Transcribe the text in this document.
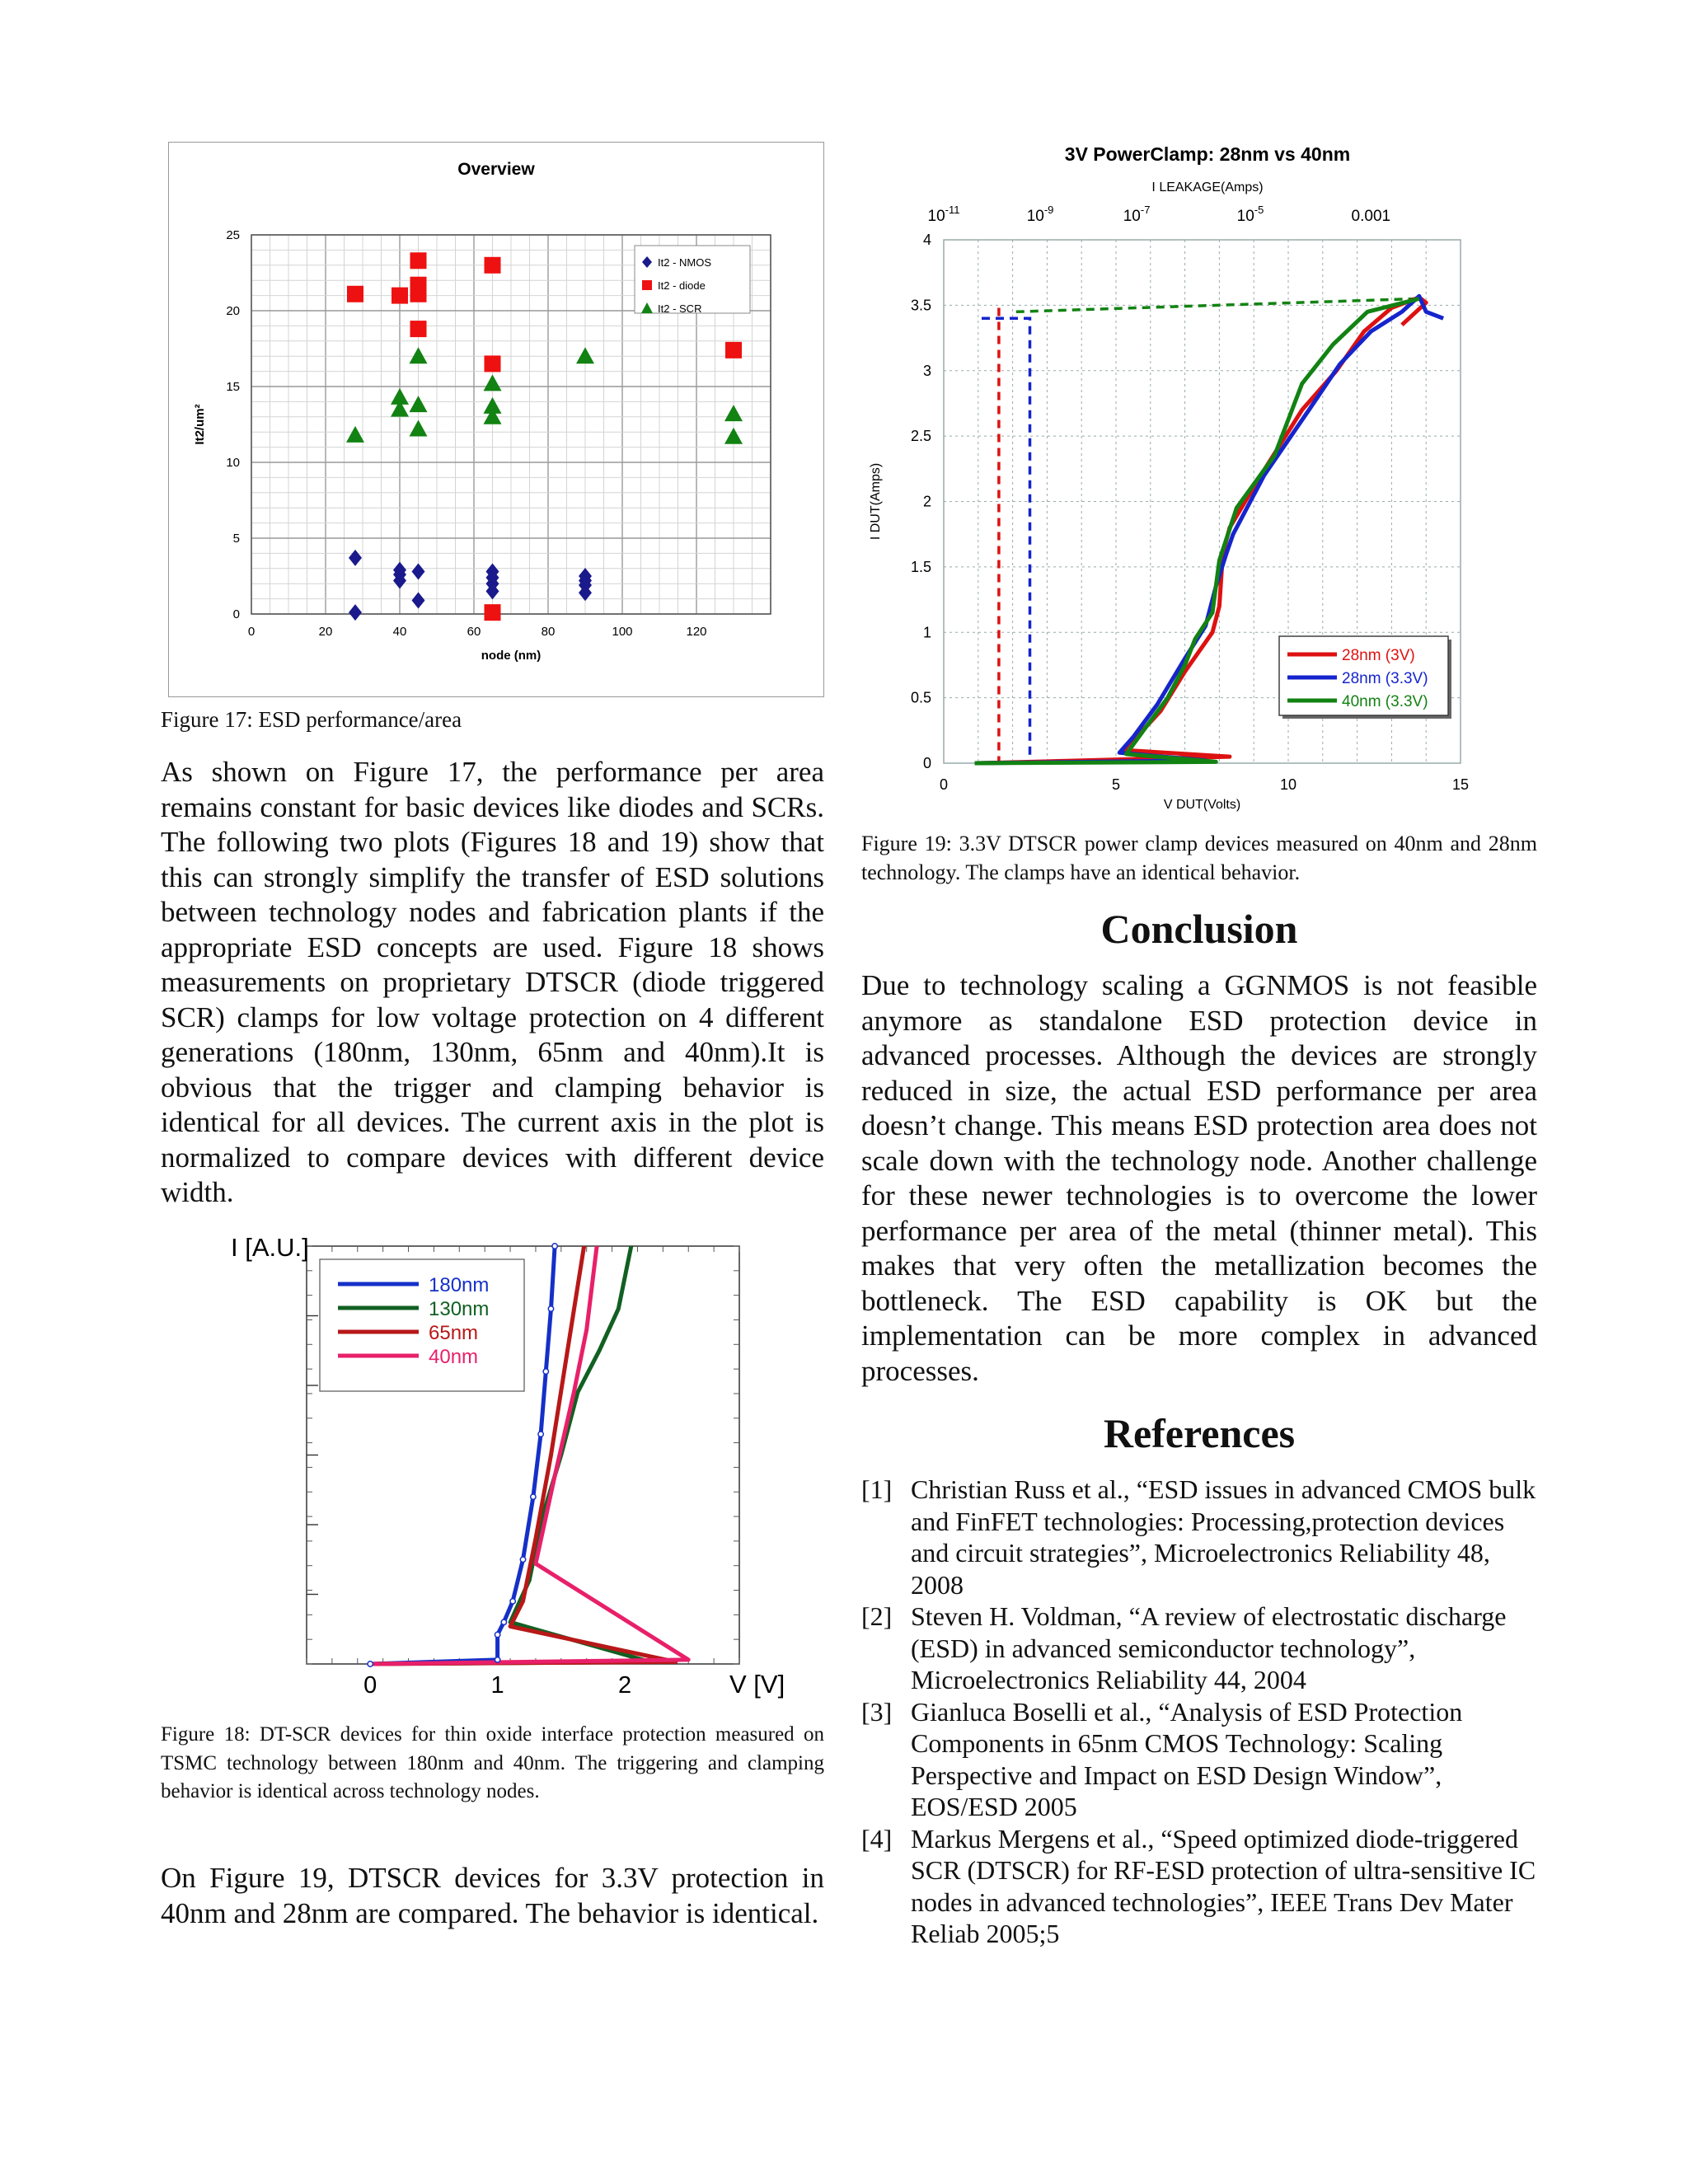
Overview
0	20	40	60	80	100	120
0
5
10
15
20
25
node (nm)
It2/um²
It2 - NMOS
It2 - diode
It2 - SCR
Figure 17: ESD performance/area
As shown on Figure 17, the performance per area remains constant for basic devices like diodes and SCRs. The following two plots (Figures 18 and 19) show that this can strongly simplify the transfer of ESD solutions between technology nodes and fabrication plants if the appropriate ESD concepts are used. Figure 18 shows measurements on proprietary DTSCR (diode triggered SCR) clamps for low voltage protection on 4 different generations (180nm, 130nm, 65nm and 40nm).It is obvious that the trigger and clamping behavior is identical for all devices. The current axis in the plot is normalized to compare devices with different device width.
0	1	2	V [V]
I [A.U.]
180nm
130nm
65nm
40nm
Figure 18: DT-SCR devices for thin oxide interface protection measured on TSMC technology between 180nm and 40nm. The triggering and clamping behavior is identical across technology nodes.
On Figure 19, DTSCR devices for 3.3V protection in 40nm and 28nm are compared. The behavior is identical.
3V PowerClamp: 28nm vs 40nm
I LEAKAGE(Amps)
$10^{-11}$	$10^{-9}$	$10^{-7}$	$10^{-5}$	0.001
0
0.5
1
1.5
2
2.5
3
3.5
4
0	5	10	15
V DUT(Volts)
I DUT(Amps)
28nm (3V)
28nm (3.3V)
40nm (3.3V)
Figure 19: 3.3V DTSCR power clamp devices measured on 40nm and 28nm technology. The clamps have an identical behavior.
Conclusion
Due to technology scaling a GGNMOS is not feasible anymore as standalone ESD protection device in advanced processes. Although the devices are strongly reduced in size, the actual ESD performance per area doesn’t change. This means ESD protection area does not scale down with the technology node. Another challenge for these newer technologies is to overcome the lower performance per area of the metal (thinner metal). This makes that very often the metallization becomes the bottleneck. The ESD capability is OK but the implementation can be more complex in advanced processes.
References
[1] Christian Russ et al., “ESD issues in advanced CMOS bulk and FinFET technologies: Processing,protection devices and circuit strategies”, Microelectronics Reliability 48, 2008
[2] Steven H. Voldman, “A review of electrostatic discharge (ESD) in advanced semiconductor technology”, Microelectronics Reliability 44, 2004
[3] Gianluca Boselli et al., “Analysis of ESD Protection Components in 65nm CMOS Technology: Scaling Perspective and Impact on ESD Design Window”, EOS/ESD 2005
[4] Markus Mergens et al., “Speed optimized diode-triggered SCR (DTSCR) for RF-ESD protection of ultra-sensitive IC nodes in advanced technologies”, IEEE Trans Dev Mater Reliab 2005;5
